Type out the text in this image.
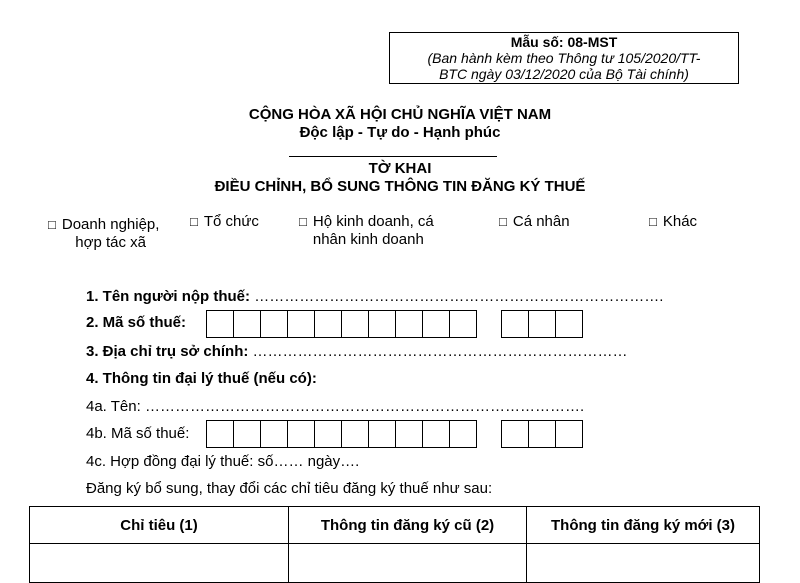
Mẫu số: 08-MST
(Ban hành kèm theo Thông tư 105/2020/TT-
BTC ngày 03/12/2020 của Bộ Tài chính)
CỘNG HÒA XÃ HỘI CHỦ NGHĨA VIỆT NAM
Độc lập - Tự do - Hạnh phúc
TỜ KHAI
ĐIỀU CHỈNH, BỔ SUNG THÔNG TIN ĐĂNG KÝ THUẾ
□ Doanh nghiệp,
hợp tác xã
□ Tổ chức	□ Hộ kinh doanh, cá
nhân kinh doanh
□ Cá nhân	□ Khác
1. Tên người nộp thuế: ……………………………………………………………………….
2. Mã số thuế:
3. Địa chỉ trụ sở chính: …………………………………………………………………
4. Thông tin đại lý thuế (nếu có):
4a. Tên: …………………………………………………………………………….
4b. Mã số thuế:
4c. Hợp đồng đại lý thuế: số…… ngày….
Đăng ký bổ sung, thay đổi các chỉ tiêu đăng ký thuế như sau:
Chỉ tiêu (1)	Thông tin đăng ký cũ (2)	Thông tin đăng ký mới (3)
